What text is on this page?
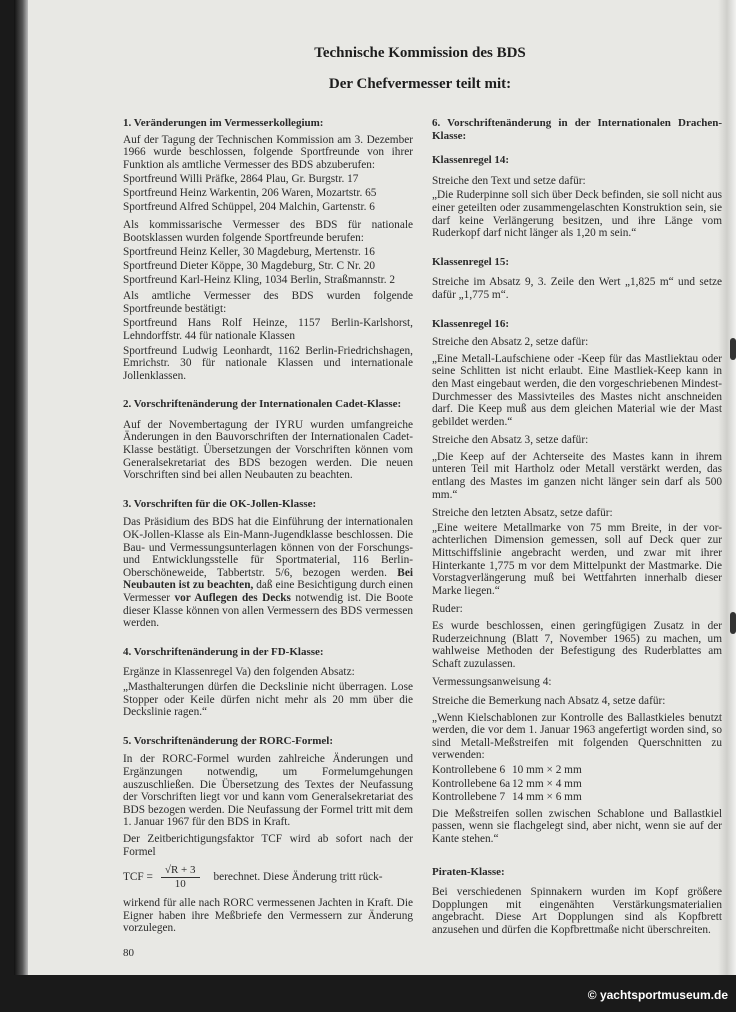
Technische Kommission des BDS
Der Chefvermesser teilt mit:

1. Veränderungen im Vermesserkollegium:

Auf der Tagung der Technischen Kommission am 3. Dezember 1966 wurde beschlossen, folgende Sportfreunde von ihrer Funktion als amtliche Vermesser des BDS abzuberufen:

Sportfreund Willi Präfke, 2864 Plau, Gr. Burgstr. 17

Sportfreund Heinz Warkentin, 206 Waren, Mozartstr. 65

Sportfreund Alfred Schüppel, 204 Malchin, Gartenstr. 6

Als kommissarische Vermesser des BDS für nationale Bootsklassen wurden folgende Sportfreunde berufen:

Sportfreund Heinz Keller, 30 Magdeburg, Mertenstr. 16

Sportfreund Dieter Köppe, 30 Magdeburg, Str. C Nr. 20

Sportfreund Karl-Heinz Kling, 1034 Berlin, Straßmannstr. 2

Als amtliche Vermesser des BDS wurden folgende Sportfreunde bestätigt:

Sportfreund Hans Rolf Heinze, 1157 Berlin-Karlshorst, Lehndorffstr. 44 für nationale Klassen

Sportfreund Ludwig Leonhardt, 1162 Berlin-Friedrichshagen, Emrichstr. 30 für nationale Klassen und internationale Jollenklassen.

2. Vorschriftenänderung der Internationalen Cadet-Klasse:

Auf der Novembertagung der IYRU wurden umfangreiche Änderungen in den Bauvorschriften der Internationalen Cadet-Klasse bestätigt. Übersetzungen der Vorschriften können vom Generalsekretariat des BDS bezogen werden. Die neuen Vorschriften sind bei allen Neubauten zu beachten.

3. Vorschriften für die OK-Jollen-Klasse:

Das Präsidium des BDS hat die Einführung der internationalen OK-Jollen-Klasse als Ein-Mann-Jugendklasse beschlossen. Die Bau- und Vermessungsunterlagen können von der Forschungs- und Entwicklungsstelle für Sportmaterial, 116 Berlin-Oberschöneweide, Tabbertstr. 5/6, bezogen werden. Bei Neubauten ist zu beachten, daß eine Besichtigung durch einen Vermesser vor Auflegen des Decks notwendig ist. Die Boote dieser Klasse können von allen Vermessern des BDS vermessen werden.

4. Vorschriftenänderung in der FD-Klasse:

Ergänze in Klassenregel Va) den folgenden Absatz:

„Masthalterungen dürfen die Deckslinie nicht überragen. Lose Stopper oder Keile dürfen nicht mehr als 20 mm über die Deckslinie ragen.“

5. Vorschriftenänderung der RORC-Formel:

In der RORC-Formel wurden zahlreiche Änderungen und Ergänzungen notwendig, um Formelumgehungen auszuschließen. Die Übersetzung des Textes der Neufassung der Vorschriften liegt vor und kann vom Generalsekretariat des BDS bezogen werden. Die Neufassung der Formel tritt mit dem 1. Januar 1967 für den BDS in Kraft.

Der Zeitberichtigungsfaktor TCF wird ab sofort nach der Formel

TCF = $\frac{√R + 3}{10}$ berechnet. Diese Änderung tritt rück-

wirkend für alle nach RORC vermessenen Jachten in Kraft. Die Eigner haben ihre Meßbriefe den Vermessern zur Änderung vorzulegen.

80

6. Vorschriftenänderung in der Internationalen Drachen-Klasse:

Klassenregel 14:

Streiche den Text und setze dafür:

„Die Ruderpinne soll sich über Deck befinden, sie soll nicht aus einer geteilten oder zusammengelaschten Konstruktion sein, sie darf keine Verlängerung besitzen, und ihre Länge vom Ruderkopf darf nicht länger als 1,20 m sein.“

Klassenregel 15:

Streiche im Absatz 9, 3. Zeile den Wert „1,825 m“ und setze dafür „1,775 m“.

Klassenregel 16:

Streiche den Absatz 2, setze dafür:

„Eine Metall-Laufschiene oder -Keep für das Mastliektau oder seine Schlitten ist nicht erlaubt. Eine Mastliek-Keep kann in den Mast eingebaut werden, die den vorgeschriebenen Mindest-Durchmesser des Massivteiles des Mastes nicht anschneiden darf. Die Keep muß aus dem gleichen Material wie der Mast gebildet werden.“

Streiche den Absatz 3, setze dafür:

„Die Keep auf der Achterseite des Mastes kann in ihrem unteren Teil mit Hartholz oder Metall verstärkt werden, das entlang des Mastes im ganzen nicht länger sein darf als 500 mm.“

Streiche den letzten Absatz, setze dafür:

„Eine weitere Metallmarke von 75 mm Breite, in der vor-achterlichen Dimension gemessen, soll auf Deck quer zur Mittschiffslinie angebracht werden, und zwar mit ihrer Hinterkante 1,775 m vor dem Mittelpunkt der Mastmarke. Die Vorstagverlängerung muß bei Wettfahrten innerhalb dieser Marke liegen.“

Ruder:

Es wurde beschlossen, einen geringfügigen Zusatz in der Ruderzeichnung (Blatt 7, November 1965) zu machen, um wahlweise Methoden der Befestigung des Ruderblattes am Schaft zuzulassen.

Vermessungsanweisung 4:

Streiche die Bemerkung nach Absatz 4, setze dafür:

„Wenn Kielschablonen zur Kontrolle des Ballastkieles benutzt werden, die vor dem 1. Januar 1963 angefertigt worden sind, so sind Metall-Meßstreifen mit folgenden Querschnitten zu verwenden:

Kontrollebene 6 10 mm × 2 mm
Kontrollebene 6a 12 mm × 4 mm
Kontrollebene 7 14 mm × 6 mm

Die Meßstreifen sollen zwischen Schablone und Ballastkiel passen, wenn sie flachgelegt sind, aber nicht, wenn sie auf der Kante stehen.“

Piraten-Klasse:

Bei verschiedenen Spinnakern wurden im Kopf größere Dopplungen mit eingenähten Verstärkungsmaterialien angebracht. Diese Art Dopplungen sind als Kopfbrett anzusehen und dürfen die Kopfbrettmaße nicht überschreiten.

© yachtsportmuseum.de
